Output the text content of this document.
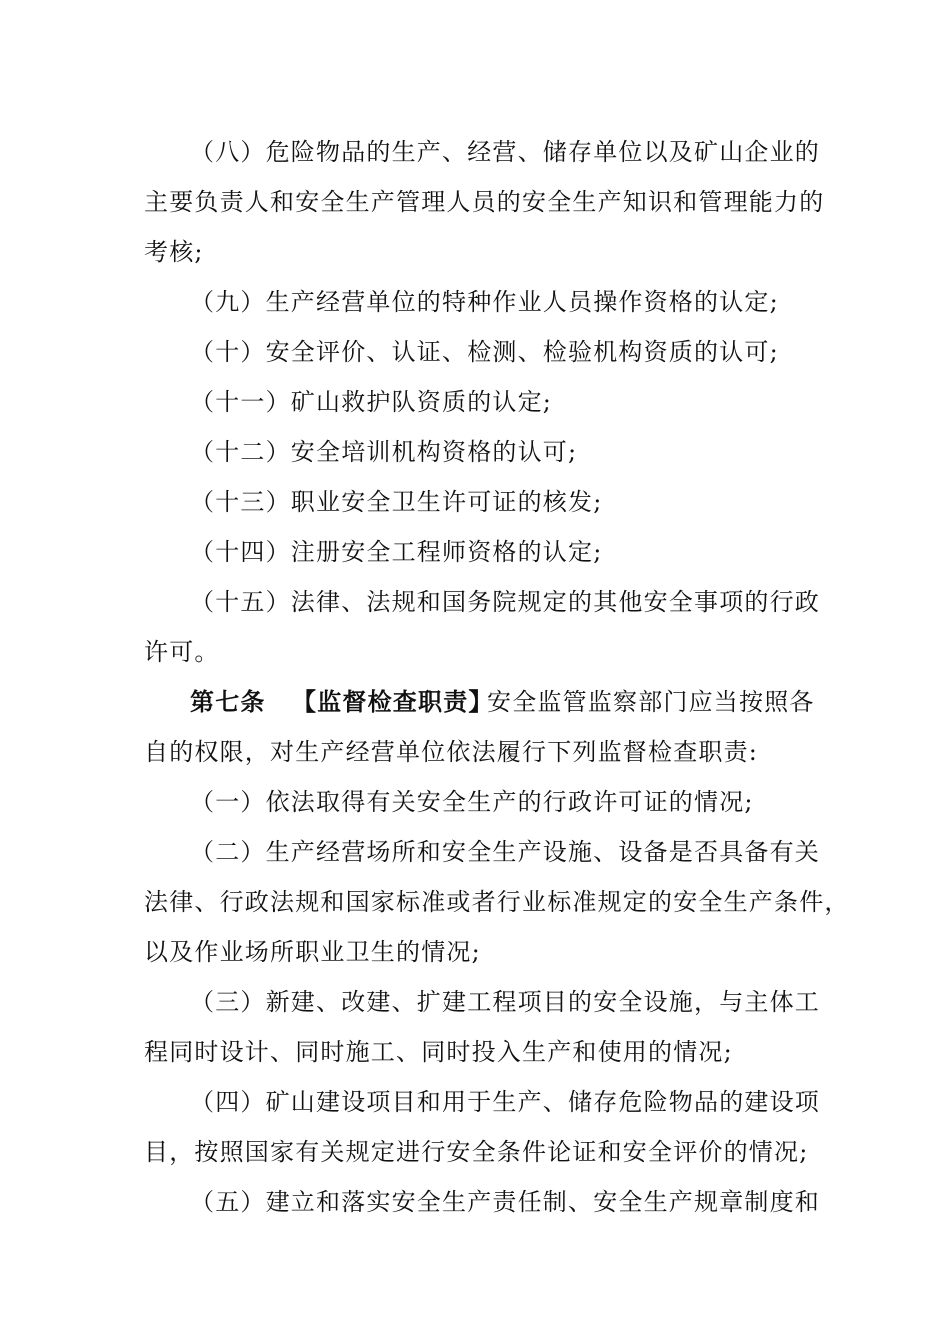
（八）危险物品的生产、经营、储存单位以及矿山企业的
主要负责人和安全生产管理人员的安全生产知识和管理能力的
考核;
（九）生产经营单位的特种作业人员操作资格的认定;
（十）安全评价、认证、检测、检验机构资质的认可;
（十一）矿山救护队资质的认定;
（十二）安全培训机构资格的认可;
（十三）职业安全卫生许可证的核发;
（十四）注册安全工程师资格的认定;
（十五）法律、法规和国务院规定的其他安全事项的行政
许可。
第七条 【监督检查职责】
安全监管监察部门应当按照各
自的权限，对生产经营单位依法履行下列监督检查职责:
（一）依法取得有关安全生产的行政许可证的情况;
（二）生产经营场所和安全生产设施、设备是否具备有关
法律、行政法规和国家标准或者行业标准规定的安全生产条件，
以及作业场所职业卫生的情况;
（三）新建、改建、扩建工程项目的安全设施，与主体工
程同时设计、同时施工、同时投入生产和使用的情况;
（四）矿山建设项目和用于生产、储存危险物品的建设项
目，按照国家有关规定进行安全条件论证和安全评价的情况;
（五）建立和落实安全生产责任制、安全生产规章制度和
